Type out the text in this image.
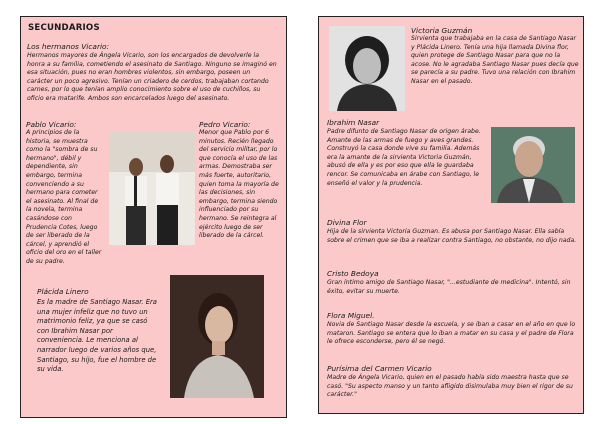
SECUNDARIOS

Los hermanos Vicario:

Hermanos mayores de Ángela Vicario, son los encargados de devolverle la honra a su familia, cometiendo el asesinato de Santiago. Ninguno se imaginó en esa situación, pues no eran hombres violentos, sin embargo, poseen un carácter un poco agresivo. Tenían un criadero de cerdos, trabajaban cortando carnes, por lo que tenían amplio conocimiento sobre el uso de cuchillos, su oficio era matarife. Ambos son encarcelados luego del asesinato.

Pablo Vicario:

A principios de la historia, se muestra como la "sombra de su hermano", débil y dependiente, sin embargo, termina convenciendo a su hermano para cometer el asesinato. Al final de la novela, termina casándose con Prudencia Cotes, luego de ser liberado de la cárcel, y aprendió el oficio del oro en el taller de su padre.

Pedro Vicario:

Menor que Pablo por 6 minutos. Recién llegado del servicio militar, por lo que conocía el uso de las armas. Demostraba ser más fuerte, autoritario, quien toma la mayoría de las decisiones, sin embargo, termina siendo influenciado por su hermano. Se reintegra al ejército luego de ser liberado de la cárcel.

Plácida Linero

Es la madre de Santiago Nasar. Era una mujer infeliz que no tuvo un matrimonio feliz, ya que se casó con Ibrahim Nasar por conveniencia. Le menciona al narrador luego de varios años que, Santiago, su hijo, fue el hombre de su vida.

Victoria Guzmán

Sirvienta que trabajaba en la casa de Santiago Nasar y Plácida Linero. Tenía una hija llamada Divina flor, quien protege de Santiago Nasar para que no la acose. No le agradaba Santiago Nasar pues decía que se parecía a su padre. Tuvo una relación con Ibrahim Nasar en el pasado.

Ibrahim Nasar

Padre difunto de Santiago Nasar de origen árabe. Amante de las armas de fuego y aves grandes. Construyó la casa donde vive su familia. Además era la amante de la sirvienta Victoria Guzmán, abusó de ella y es por eso que ella le guardaba rencor. Se comunicaba en árabe con Santiago, le enseñó el valor y la prudencia.

Divina Flor

Hija de la sirvienta Victoria Guzman. Es abusa por Santiago Nasar. Ella sabía sobre el crimen que se iba a realizar contra Santiago, no obstante, no dijo nada.

Cristo Bedoya

Gran íntimo amigo de Santiago Nasar, "...estudiante de medicina". Intentó, sin éxito, evitar su muerte.

Flora Miguel.

Novia de Santiago Nasar desde la escuela, y se iban a casar en el año en que lo mataron. Santiago se entera que lo iban a matar en su casa y el padre de Flora le ofrece esconderse, pero él se negó.

Purísima del Carmen Vicario

Madre de Ángela Vicario, quien en el pasado había sido maestra hasta que se casó. "Su aspecto manso y un tanto afligido disimulaba muy bien el rigor de su carácter."
